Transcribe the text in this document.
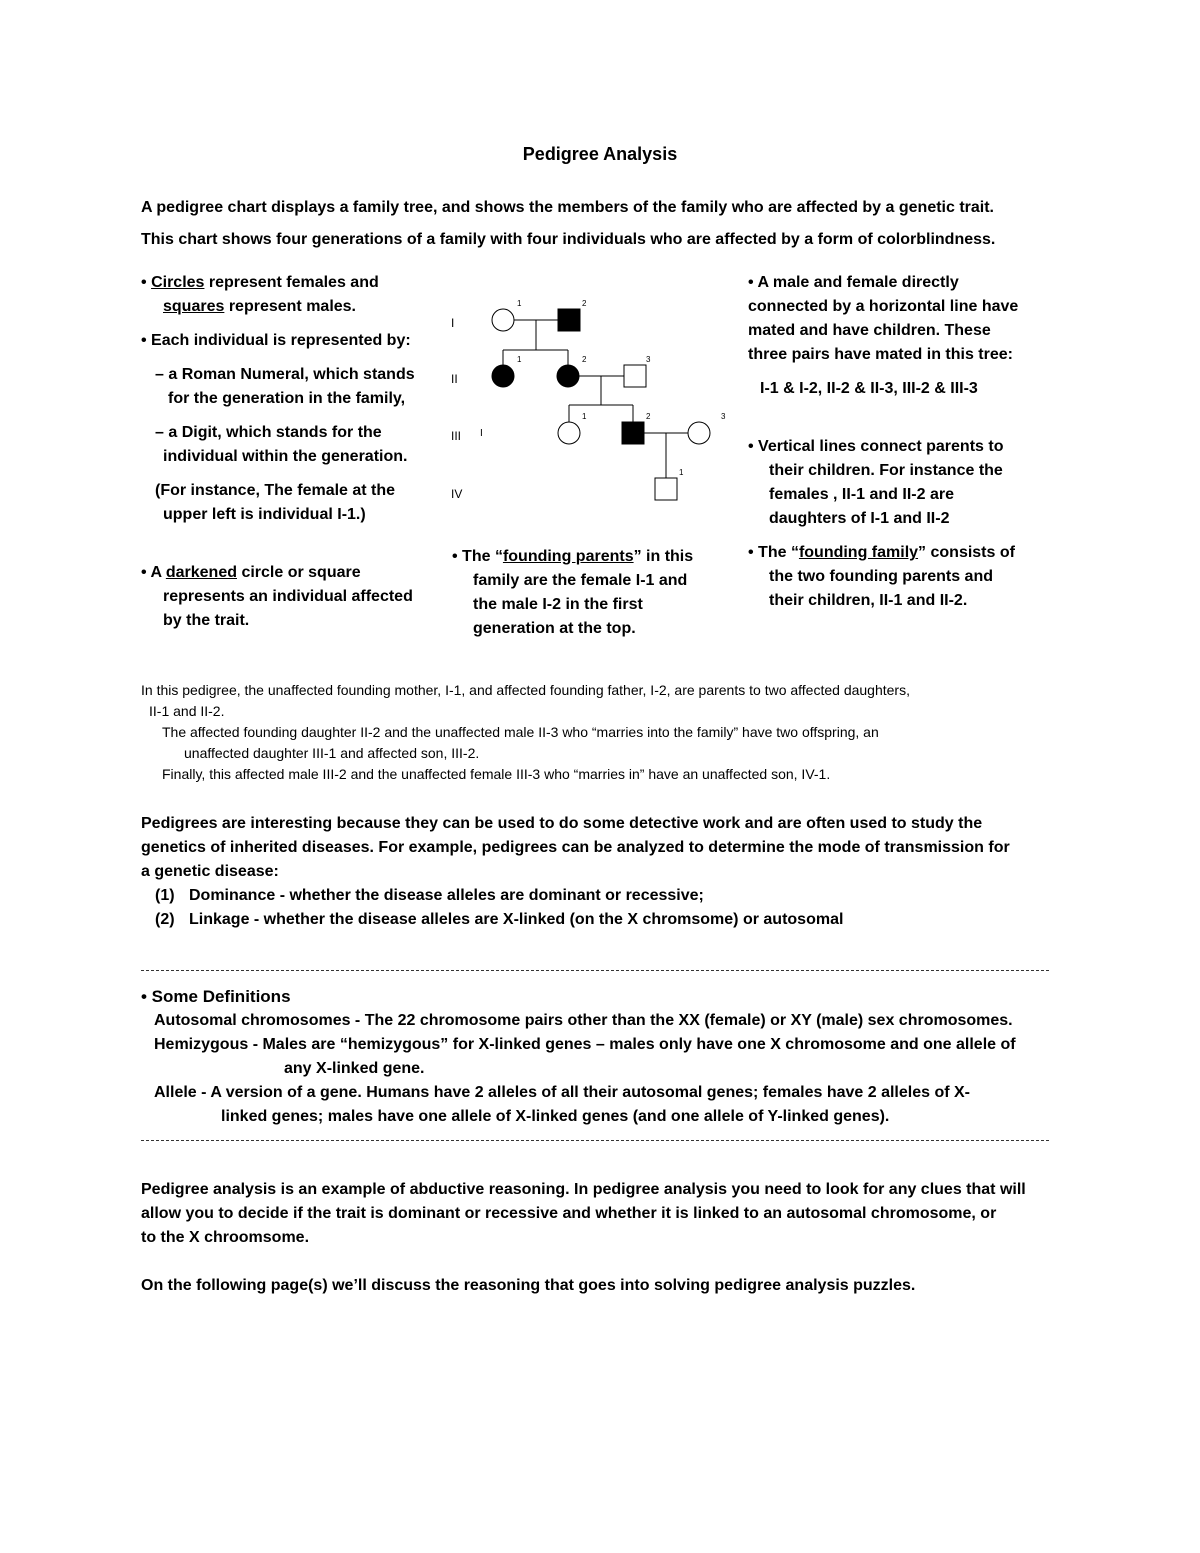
Pedigree Analysis
A pedigree chart displays a family tree, and shows the members of the family who are affected by a genetic trait.
This chart shows four generations of a family with four individuals who are affected by a form of colorblindness.

• Circles represent females and

squares represent males.

• Each individual is represented by:

– a Roman Numeral, which stands

for the generation in the family,

– a Digit, which stands for the

individual within the generation.

(For instance, The female at the

upper left is individual I-1.)

• A darkened circle or square

represents an individual affected

by the trait.

• A male and female directly

connected by a horizontal line have

mated and have children. These

three pairs have mated in this tree:

I-1 & I-2, II-2 & II-3, III-2 & III-3

• Vertical lines connect parents to

their children. For instance the

females , II-1 and II-2 are

daughters of I-1 and II-2

• The “founding family” consists of

the two founding parents and

their children, II-1 and II-2.

• The “founding parents” in this

family are the female I-1 and

the male I-2 in the first

generation at the top.

I
II
III
IV
I
1	2
1	2	3
1	2	3
1
In this pedigree, the unaffected founding mother, I-1, and affected founding father, I-2, are parents to two affected daughters,
II-1 and II-2.
The affected founding daughter II-2 and the unaffected male II-3 who “marries into the family” have two offspring, an
unaffected daughter III-1 and affected son, III-2.
Finally, this affected male III-2 and the unaffected female III-3 who “marries in” have an unaffected son, IV-1.
Pedigrees are interesting because they can be used to do some detective work and are often used to study the
genetics of inherited diseases. For example, pedigrees can be analyzed to determine the mode of transmission for
a genetic disease:
(1) Dominance - whether the disease alleles are dominant or recessive;
(2) Linkage - whether the disease alleles are X-linked (on the X chromsome) or autosomal
• Some Definitions
Autosomal chromosomes - The 22 chromosome pairs other than the XX (female) or XY (male) sex chromosomes.
Hemizygous - Males are “hemizygous” for X-linked genes – males only have one X chromosome and one allele of
any X-linked gene.
Allele - A version of a gene. Humans have 2 alleles of all their autosomal genes; females have 2 alleles of X-
linked genes; males have one allele of X-linked genes (and one allele of Y-linked genes).
Pedigree analysis is an example of abductive reasoning. In pedigree analysis you need to look for any clues that will
allow you to decide if the trait is dominant or recessive and whether it is linked to an autosomal chromosome, or
to the X chroomsome.
On the following page(s) we’ll discuss the reasoning that goes into solving pedigree analysis puzzles.
